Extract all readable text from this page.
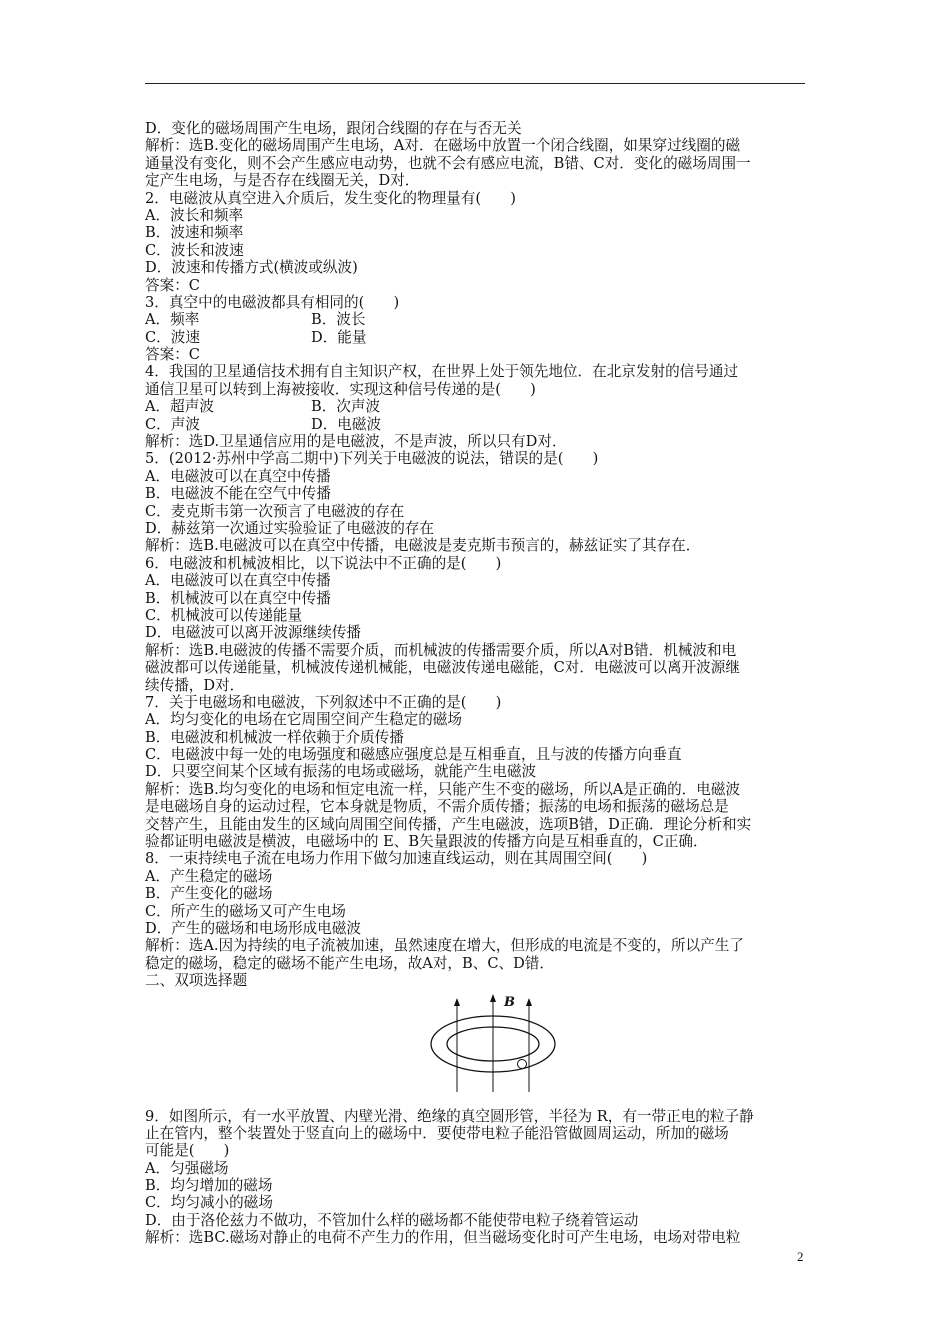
D．变化的磁场周围产生电场，跟闭合线圈的存在与否无关
解析：选B.变化的磁场周围产生电场，A对．在磁场中放置一个闭合线圈，如果穿过线圈的磁
通量没有变化，则不会产生感应电动势，也就不会有感应电流，B错、C对．变化的磁场周围一
定产生电场，与是否存在线圈无关，D对．
2．电磁波从真空进入介质后，发生变化的物理量有(　　)
A．波长和频率
B．波速和频率
C．波长和波速
D．波速和传播方式(横波或纵波)
答案：C
3．真空中的电磁波都具有相同的(　　)
A．频率	B．波长
C．波速	D．能量
答案：C
4．我国的卫星通信技术拥有自主知识产权，在世界上处于领先地位．在北京发射的信号通过
通信卫星可以转到上海被接收．实现这种信号传递的是(　　)
A．超声波	B．次声波
C．声波	D．电磁波
解析：选D.卫星通信应用的是电磁波，不是声波，所以只有D对．
5．(2012·苏州中学高二期中)下列关于电磁波的说法，错误的是(　　)
A．电磁波可以在真空中传播
B．电磁波不能在空气中传播
C．麦克斯韦第一次预言了电磁波的存在
D．赫兹第一次通过实验验证了电磁波的存在
解析：选B.电磁波可以在真空中传播，电磁波是麦克斯韦预言的，赫兹证实了其存在．
6．电磁波和机械波相比，以下说法中不正确的是(　　)
A．电磁波可以在真空中传播
B．机械波可以在真空中传播
C．机械波可以传递能量
D．电磁波可以离开波源继续传播
解析：选B.电磁波的传播不需要介质，而机械波的传播需要介质，所以A对B错．机械波和电
磁波都可以传递能量，机械波传递机械能，电磁波传递电磁能，C对．电磁波可以离开波源继
续传播，D对．
7．关于电磁场和电磁波，下列叙述中不正确的是(　　)
A．均匀变化的电场在它周围空间产生稳定的磁场
B．电磁波和机械波一样依赖于介质传播
C．电磁波中每一处的电场强度和磁感应强度总是互相垂直，且与波的传播方向垂直
D．只要空间某个区域有振荡的电场或磁场，就能产生电磁波
解析：选B.均匀变化的电场和恒定电流一样，只能产生不变的磁场，所以A是正确的．电磁波
是电磁场自身的运动过程，它本身就是物质，不需介质传播；振荡的电场和振荡的磁场总是
交替产生，且能由发生的区域向周围空间传播，产生电磁波，选项B错，D正确．理论分析和实
验都证明电磁波是横波，电磁场中的 E、B矢量跟波的传播方向是互相垂直的，C正确．
8．一束持续电子流在电场力作用下做匀加速直线运动，则在其周围空间(　　)
A．产生稳定的磁场
B．产生变化的磁场
C．所产生的磁场又可产生电场
D．产生的磁场和电场形成电磁波
解析：选A.因为持续的电子流被加速，虽然速度在增大，但形成的电流是不变的，所以产生了
稳定的磁场，稳定的磁场不能产生电场，故A对，B、C、D错．
二、双项选择题
B
9．如图所示，有一水平放置、内壁光滑、绝缘的真空圆形管，半径为 R，有一带正电的粒子静
止在管内，整个装置处于竖直向上的磁场中．要使带电粒子能沿管做圆周运动，所加的磁场
可能是(　　)
A．匀强磁场
B．均匀增加的磁场
C．均匀减小的磁场
D．由于洛伦兹力不做功，不管加什么样的磁场都不能使带电粒子绕着管运动
解析：选BC.磁场对静止的电荷不产生力的作用，但当磁场变化时可产生电场，电场对带电粒
2
